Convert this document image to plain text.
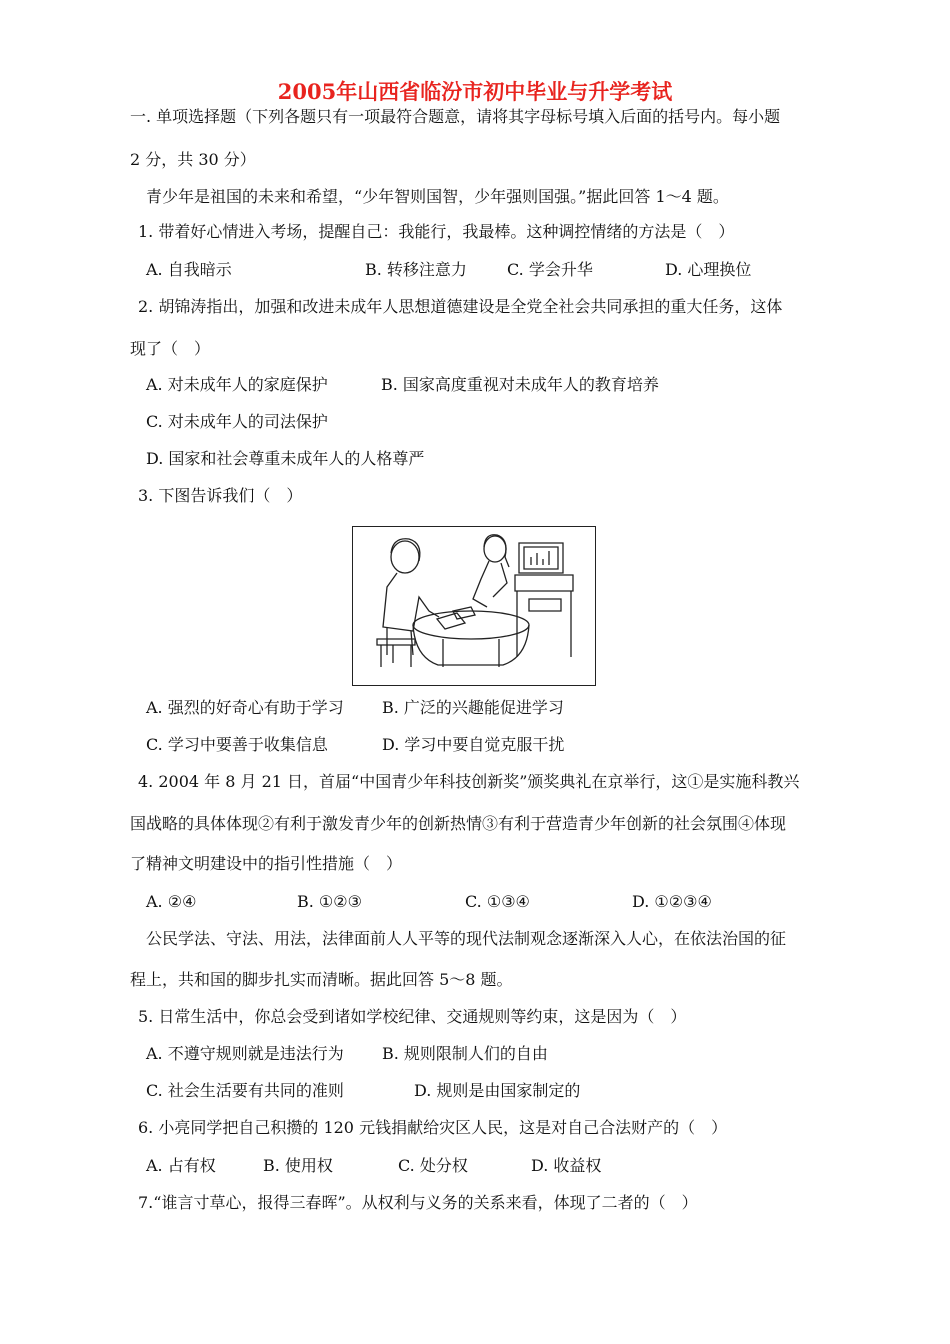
2005年山西省临汾市初中毕业与升学考试
一. 单项选择题（下列各题只有一项最符合题意，请将其字母标号填入后面的括号内。每小题
2 分，共 30 分）
青少年是祖国的未来和希望，“少年智则国智，少年强则国强。”据此回答 1～4 题。
1. 带着好心情进入考场，提醒自己：我能行，我最棒。这种调控情绪的方法是（　）
A. 自我暗示	B. 转移注意力	C. 学会升华	D. 心理换位
2. 胡锦涛指出，加强和改进未成年人思想道德建设是全党全社会共同承担的重大任务，这体
现了（　）
A. 对未成年人的家庭保护	B. 国家高度重视对未成年人的教育培养
C. 对未成年人的司法保护
D. 国家和社会尊重未成年人的人格尊严
3. 下图告诉我们（　）
A. 强烈的好奇心有助于学习 B. 广泛的兴趣能促进学习
C. 学习中要善于收集信息	D. 学习中要自觉克服干扰
4. 2004 年 8 月 21 日，首届“中国青少年科技创新奖”颁奖典礼在京举行，这①是实施科教兴
国战略的具体体现②有利于激发青少年的创新热情③有利于营造青少年创新的社会氛围④体现
了精神文明建设中的指引性措施（　）
A. ②④	B. ①②③	C. ①③④	D. ①②③④
公民学法、守法、用法，法律面前人人平等的现代法制观念逐渐深入人心，在依法治国的征
程上，共和国的脚步扎实而清晰。据此回答 5～8 题。
5. 日常生活中，你总会受到诸如学校纪律、交通规则等约束，这是因为（　）
A. 不遵守规则就是违法行为 B. 规则限制人们的自由
C. 社会生活要有共同的准则	D. 规则是由国家制定的
6. 小亮同学把自己积攒的 120 元钱捐献给灾区人民，这是对自己合法财产的（　）
A. 占有权	B. 使用权	C. 处分权	D. 收益权
7.“谁言寸草心，报得三春晖”。从权利与义务的关系来看，体现了二者的（　）
